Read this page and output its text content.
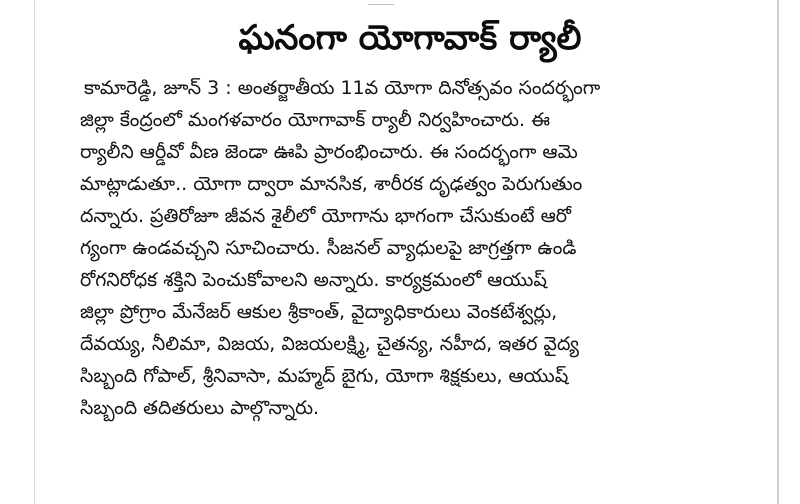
ఘనంగా యోగావాక్ ర్యాలీ
కామారెడ్డి, జూన్ 3 : అంతర్జాతీయ 11వ యోగా దినోత్సవం సందర్భంగా
జిల్లా కేంద్రంలో మంగళవారం యోగావాక్ ర్యాలీ నిర్వహించారు. ఈ
ర్యాలీని ఆర్డీవో వీణ జెండా ఊపి ప్రారంభించారు. ఈ సందర్భంగా ఆమె
మాట్లాడుతూ.. యోగా ద్వారా మానసిక, శారీరక దృఢత్వం పెరుగుతుం
దన్నారు. ప్రతిరోజూ జీవన శైలీలో యోగాను భాగంగా చేసుకుంటే ఆరో
గ్యంగా ఉండవచ్చని సూచించారు. సీజనల్ వ్యాధులపై జాగ్రత్తగా ఉండి
రోగనిరోధక శక్తిని పెంచుకోవాలని అన్నారు. కార్యక్రమంలో ఆయుష్
జిల్లా ప్రోగ్రాం మేనేజర్ ఆకుల శ్రీకాంత్, వైద్యాధికారులు వెంకటేశ్వర్లు,
దేవయ్య, నీలిమా, విజయ, విజయలక్ష్మి, చైతన్య, నహీద, ఇతర వైద్య
సిబ్బంది గోపాల్, శ్రీనివాసా, మహ్మద్ బైగు, యోగా శిక్షకులు, ఆయుష్
సిబ్బంది తదితరులు పాల్గొన్నారు.
